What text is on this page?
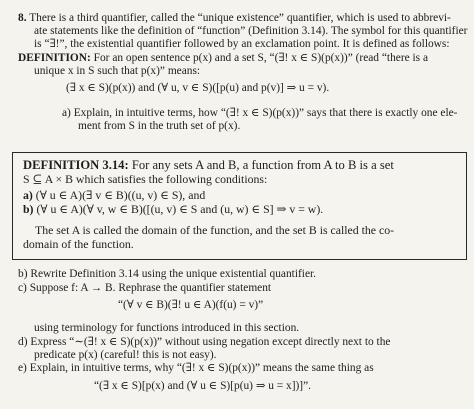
8. There is a third quantifier, called the “unique existence” quantifier, which is used to abbrevi-
ate statements like the definition of “function” (Definition 3.14). The symbol for this quantifier
is “∃!”, the existential quantifier followed by an exclamation point. It is defined as follows:
DEFINITION: For an open sentence p(x) and a set S, “(∃! x ∈ S)(p(x))” (read “there is a
unique x in S such that p(x)” means:
(∃ x ∈ S)(p(x)) and (∀ u, v ∈ S)([p(u) and p(v)] ⇒ u = v).
a) Explain, in intuitive terms, how “(∃! x ∈ S)(p(x))” says that there is exactly one ele-
ment from S in the truth set of p(x).
DEFINITION 3.14: For any sets A and B, a function from A to B is a set
S ⊆ A × B which satisfies the following conditions:
a) (∀ u ∈ A)(∃ v ∈ B)((u, v) ∈ S), and
b) (∀ u ∈ A)(∀ v, w ∈ B)([(u, v) ∈ S and (u, w) ∈ S] ⇒ v = w).
The set A is called the domain of the function, and the set B is called the co-
domain of the function.
b) Rewrite Definition 3.14 using the unique existential quantifier.
c) Suppose f: A → B. Rephrase the quantifier statement
“(∀ v ∈ B)(∃! u ∈ A)(f(u) = v)”
using terminology for functions introduced in this section.
d) Express “∼(∃! x ∈ S)(p(x))” without using negation except directly next to the
predicate p(x) (careful! this is not easy).
e) Explain, in intuitive terms, why “(∃! x ∈ S)(p(x))” means the same thing as
“(∃ x ∈ S)[p(x) and (∀ u ∈ S)[p(u) ⇒ u = x])]”.
